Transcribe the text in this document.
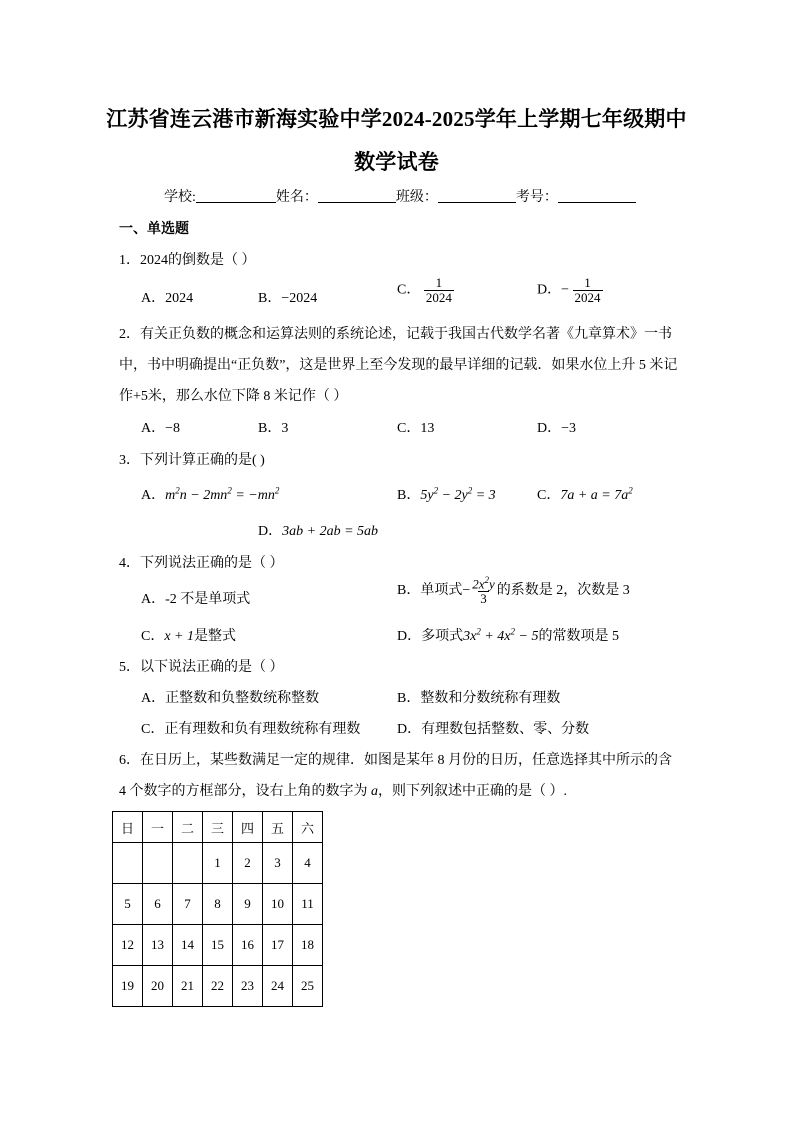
江苏省连云港市新海实验中学2024-2025学年上学期七年级期中
数学试卷
学校:	姓名：	班级：	考号：
一、单选题
1．2024的倒数是（ ）
A．2024	B．−2024
C． $\frac{1}{2024}$	D．− $\frac{1}{2024}$
2．有关正负数的概念和运算法则的系统论述，记载于我国古代数学名著《九章算术》一书
中，书中明确提出“正负数”，这是世界上至今发现的最早详细的记载．如果水位上升 5 米记
作+5米，那么水位下降 8 米记作（ ）
A．−8	B．3	C．13	D．−3
3．下列计算正确的是( )
A．$m^2n - 2mn^2 = -mn^2$	B．$5y^2 - 2y^2 = 3$	C．$7a + a = 7a^2$
D．3ab + 2ab = 5ab
4．下列说法正确的是（ ）
A．-2 不是单项式
B．单项式− $\frac{2x^2y}{3}$ 的系数是 2，次数是 3
C．x + 1是整式	D．多项式$3x^2 + 4x^2 - 5$的常数项是 5
5．以下说法正确的是（ ）
A．正整数和负整数统称整数	B．整数和分数统称有理数
C．正有理数和负有理数统称有理数	D．有理数包括整数、零、分数
6．在日历上，某些数满足一定的规律．如图是某年 8 月份的日历，任意选择其中所示的含
4 个数字的方框部分，设右上角的数字为 a，则下列叙述中正确的是（ ）.
日	一	二	三	四	五	六
			1	2	3	4
5	6	7	8	9	10	11
12	13	14	15	16	17	18
19	20	21	22	23	24	25
